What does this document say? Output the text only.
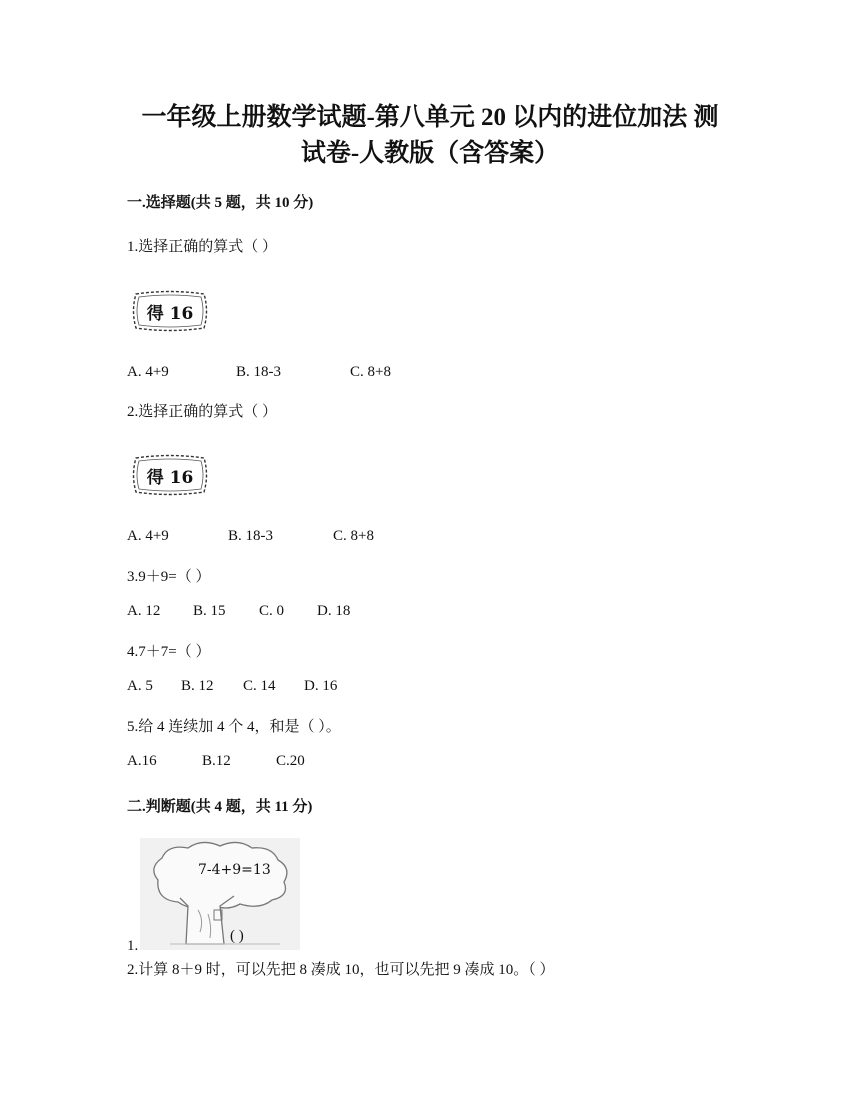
一年级上册数学试题-第八单元 20 以内的进位加法 测
试卷-人教版（含答案）
一.选择题(共 5 题，共 10 分)
1.选择正确的算式（ ）
得 16
A. 4+9	B. 18-3	C. 8+8
2.选择正确的算式（ ）
得 16
A. 4+9	B. 18-3	C. 8+8
3.9＋9=（ ）
A. 12 B. 15 C. 0 D. 18
4.7＋7=（ ）
A. 5 B. 12 C. 14 D. 16
5.给 4 连续加 4 个 4，和是（ ）。
A.16	B.12	C.20
二.判断题(共 4 题，共 11 分)
7-4+9=13
( )
1.
2.计算 8＋9 时，可以先把 8 凑成 10，也可以先把 9 凑成 10。（ ）
